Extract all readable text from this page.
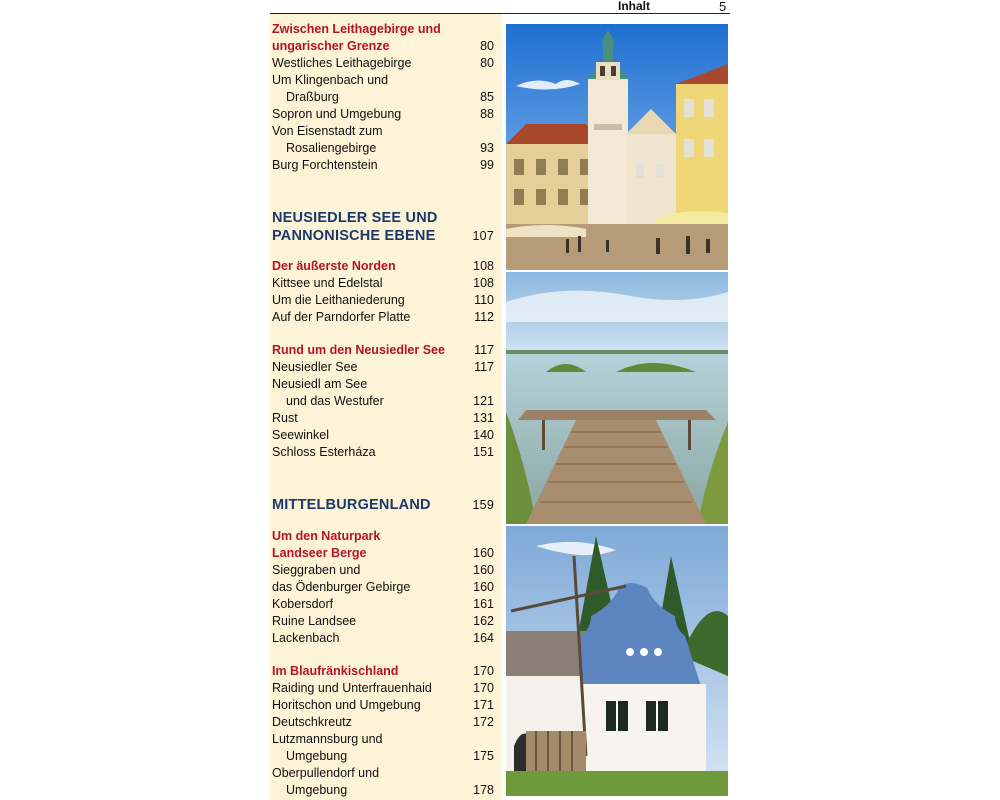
Inhalt	5
Zwischen Leithagebirge und
ungarischer Grenze	80
Westliches Leithagebirge	80
Um Klingenbach und
Draßburg	85
Sopron und Umgebung	88
Von Eisenstadt zum
Rosaliengebirge	93
Burg Forchtenstein	99
NEUSIEDLER SEE UND
PANNONISCHE EBENE	107
Der äußerste Norden	108
Kittsee und Edelstal	108
Um die Leithaniederung	110
Auf der Parndorfer Platte	112
Rund um den Neusiedler See 117
Neusiedler See	117
Neusiedl am See
und das Westufer	121
Rust	131
Seewinkel	140
Schloss Esterháza	151
MITTELBURGENLAND	159
Um den Naturpark
Landseer Berge	160
Sieggraben und	160
das Ödenburger Gebirge	160
Kobersdorf	161
Ruine Landsee	162
Lackenbach	164
Im Blaufränkischland	170
Raiding und Unterfrauenhaid	170
Horitschon und Umgebung	171
Deutschkreutz	172
Lutzmannsburg und
Umgebung	175
Oberpullendorf und
Umgebung	178
